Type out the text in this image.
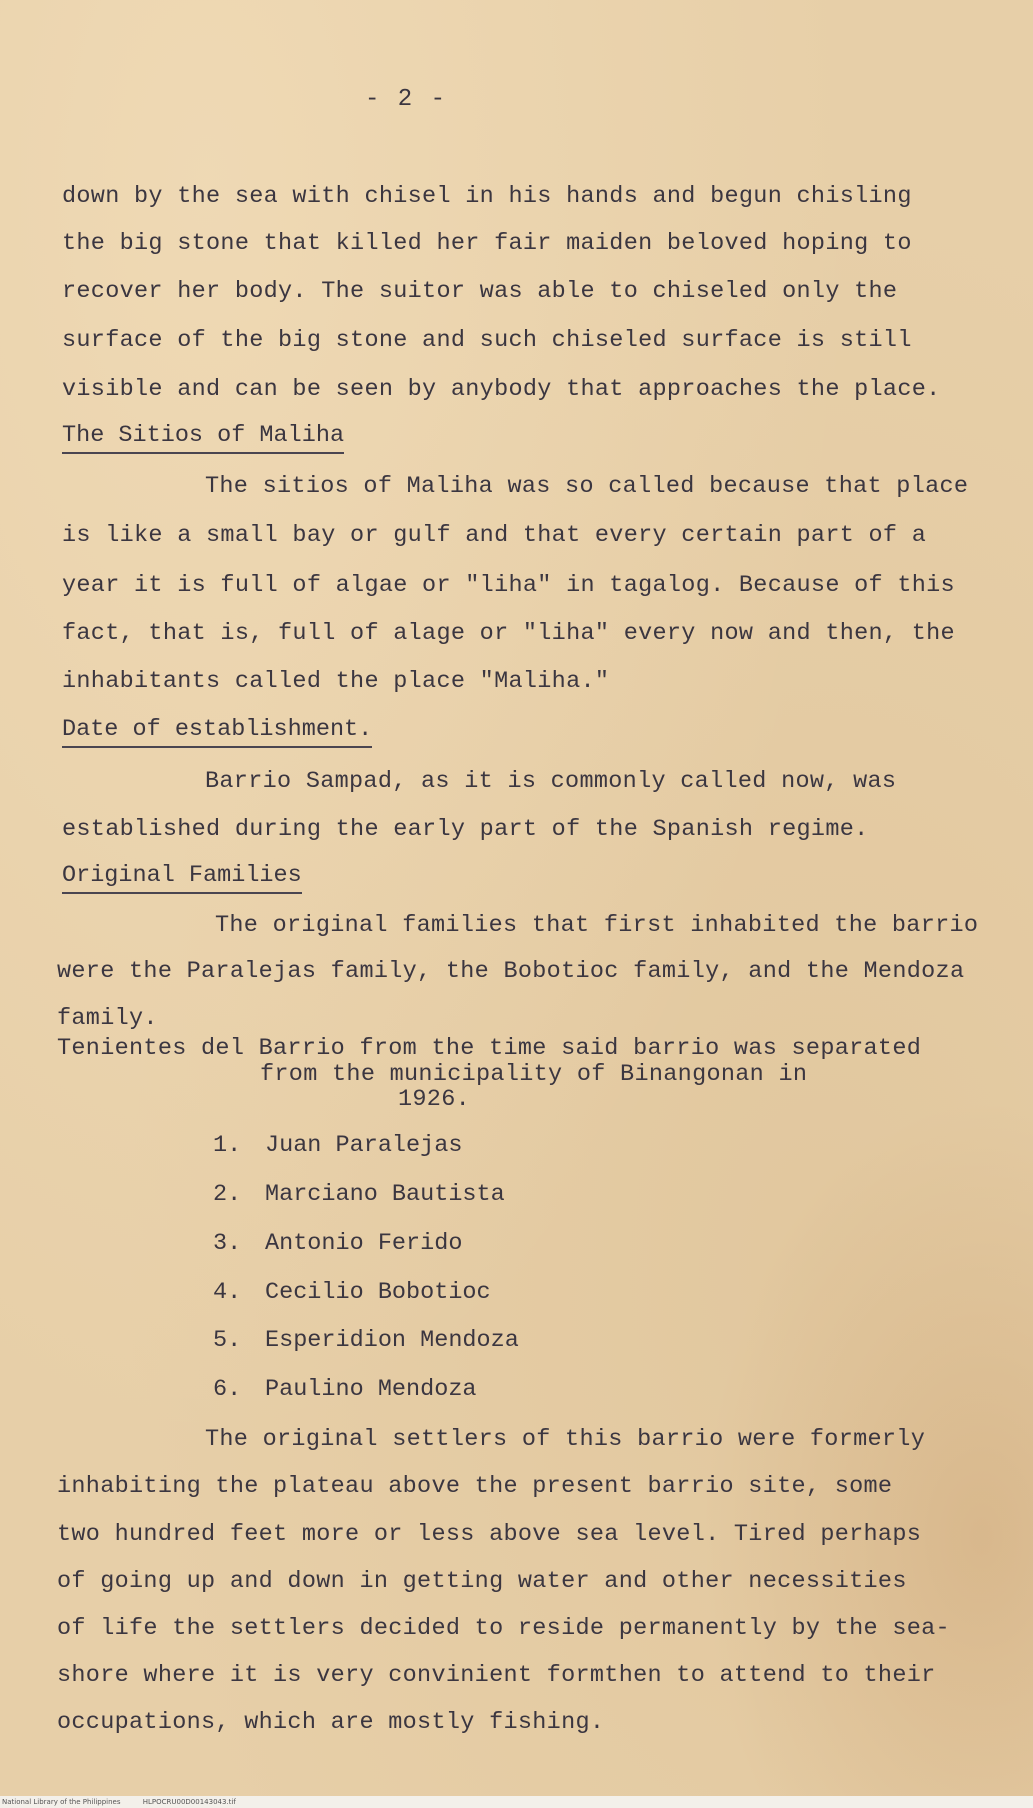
- 2 -
down by the sea with chisel in his hands and begun chisling
the big stone that killed her fair maiden beloved hoping to
recover her body. The suitor was able to chiseled only the
surface of the big stone and such chiseled surface is still
visible and can be seen by anybody that approaches the place.
The Sitios of Maliha
The sitios of Maliha was so called because that place
is like a small bay or gulf and that every certain part of a
year it is full of algae or "liha" in tagalog. Because of this
fact, that is, full of alage or "liha" every now and then, the
inhabitants called the place "Maliha."
Date of establishment.
Barrio Sampad, as it is commonly called now, was
established during the early part of the Spanish regime.
Original Families
The original families that first inhabited the barrio
were the Paralejas family, the Bobotioc family, and the Mendoza
family.
Tenientes del Barrio from the time said barrio was separated
from the municipality of Binangonan in
1926.
1. Juan Paralejas
2. Marciano Bautista
3. Antonio Ferido
4. Cecilio Bobotioc
5. Esperidion Mendoza
6. Paulino Mendoza
The original settlers of this barrio were formerly
inhabiting the plateau above the present barrio site, some
two hundred feet more or less above sea level. Tired perhaps
of going up and down in getting water and other necessities
of life the settlers decided to reside permanently by the sea-
shore where it is very convinient formthen to attend to their
occupations, which are mostly fishing.
National Library of the Philippines	HLPOCRU00D00143043.tif
